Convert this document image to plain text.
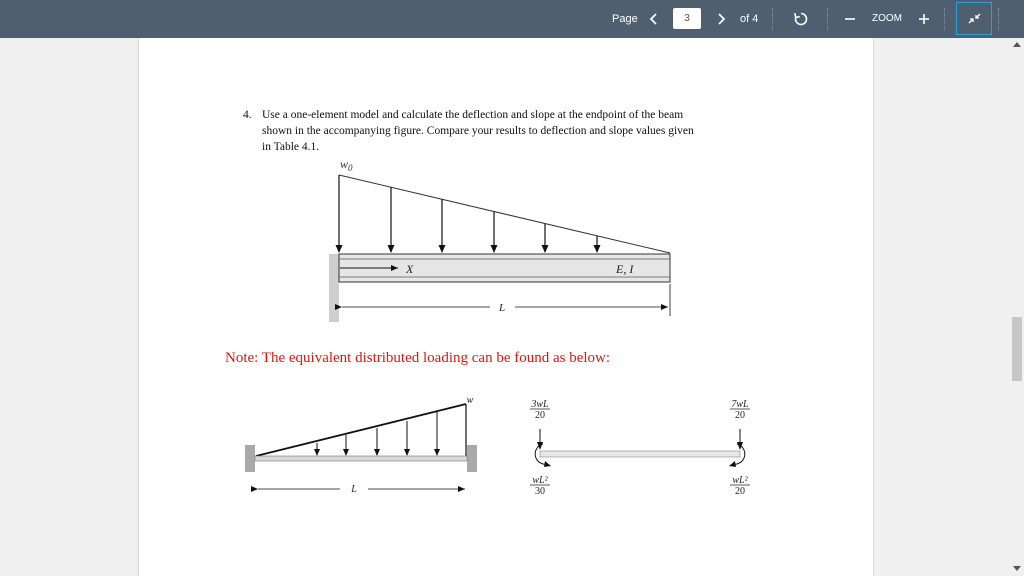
Page
3	of 4	ZOOM
4. Use a one-element model and calculate the deflection and slope at the endpoint of the beam
shown in the accompanying figure. Compare your results to deflection and slope values given
in Table 4.1.
$w_0$
X	E, I
L
Note: The equivalent distributed loading can be found as below:
w
L
3wL
20
7wL
20
wL²
30
wL²
20
